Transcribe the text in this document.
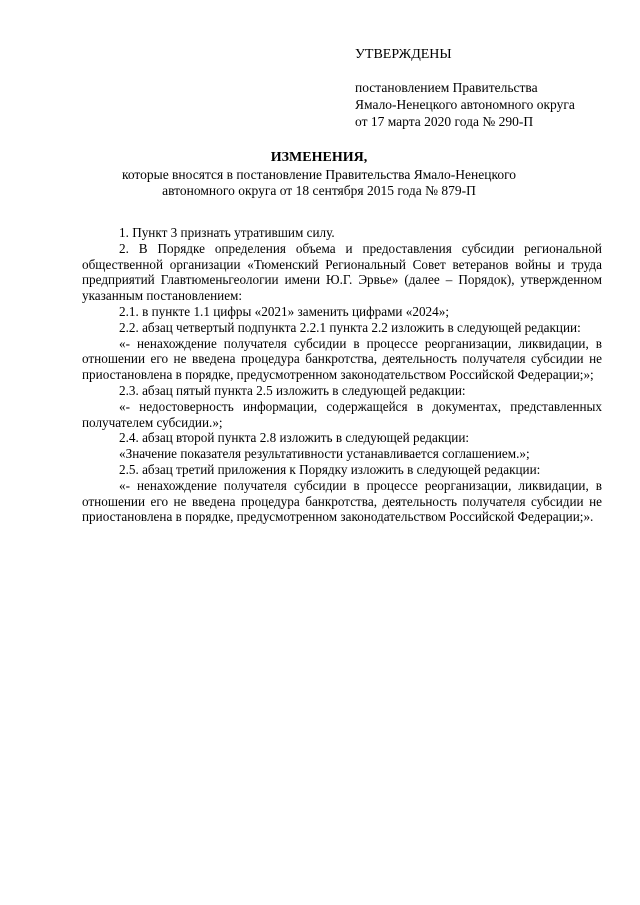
УТВЕРЖДЕНЫ

постановлением Правительства

Ямало-Ненецкого автономного округа

от 17 марта 2020 года № 290-П

ИЗМЕНЕНИЯ,

которые вносятся в постановление Правительства Ямало-Ненецкого

автономного округа от 18 сентября 2015 года № 879-П

1. Пункт 3 признать утратившим силу.

2. В Порядке определения объема и предоставления субсидии региональной общественной организации «Тюменский Региональный Совет ветеранов войны и труда предприятий Главтюменьгеологии имени Ю.Г. Эрвье» (далее – Порядок), утвержденном указанным постановлением:

2.1. в пункте 1.1 цифры «2021» заменить цифрами «2024»;

2.2. абзац четвертый подпункта 2.2.1 пункта 2.2 изложить в следующей редакции:

«- ненахождение получателя субсидии в процессе реорганизации, ликвидации, в отношении его не введена процедура банкротства, деятельность получателя субсидии не приостановлена в порядке, предусмотренном законодательством Российской Федерации;»;

2.3. абзац пятый пункта 2.5 изложить в следующей редакции:

«- недостоверность информации, содержащейся в документах, представленных получателем субсидии.»;

2.4. абзац второй пункта 2.8 изложить в следующей редакции:

«Значение показателя результативности устанавливается соглашением.»;

2.5. абзац третий приложения к Порядку изложить в следующей редакции:

«- ненахождение получателя субсидии в процессе реорганизации, ликвидации, в отношении его не введена процедура банкротства, деятельность получателя субсидии не приостановлена в порядке, предусмотренном законодательством Российской Федерации;».
